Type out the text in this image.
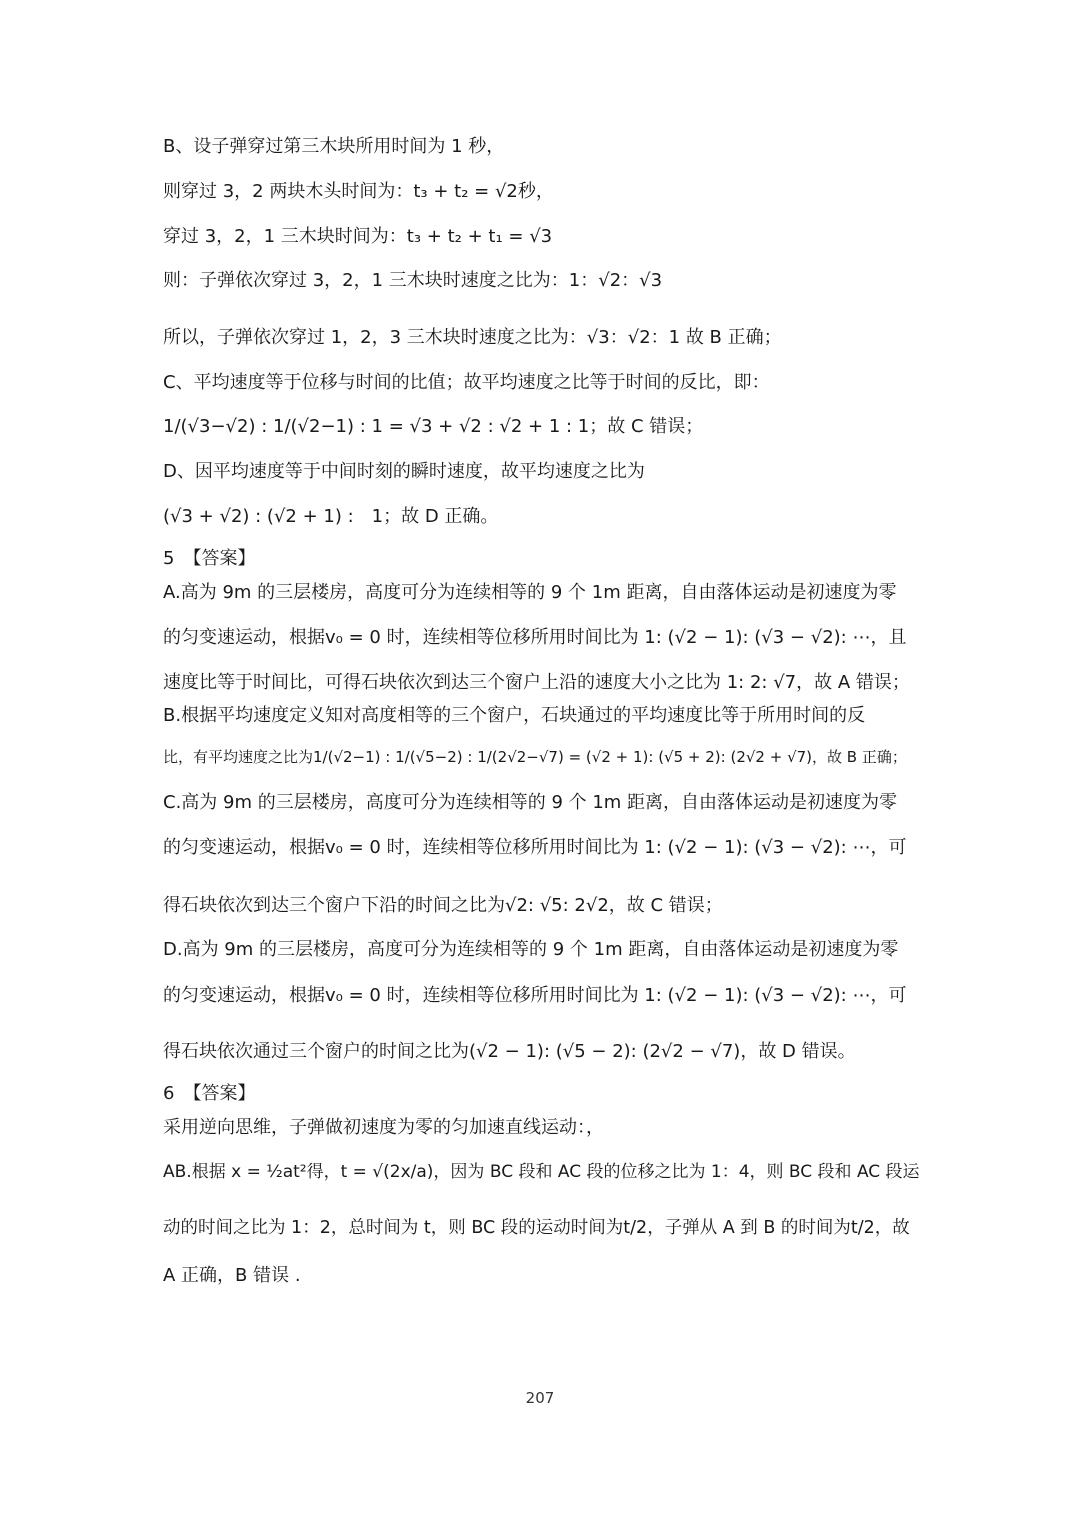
B、设子弹穿过第三木块所用时间为 1 秒，
则穿过 3，2 两块木头时间为：t₃ + t₂ = √2秒，
穿过 3，2，1 三木块时间为：t₃ + t₂ + t₁ = √3
则：子弹依次穿过 3，2，1 三木块时速度之比为：1：√2：√3
所以，子弹依次穿过 1，2，3 三木块时速度之比为：√3：√2：1 故 B 正确；
C、平均速度等于位移与时间的比值；故平均速度之比等于时间的反比，即：
1/(√3−√2) : 1/(√2−1) : 1 = √3 + √2 : √2 + 1 : 1；故 C 错误；
D、因平均速度等于中间时刻的瞬时速度，故平均速度之比为
(√3 + √2) : (√2 + 1) :　1；故 D 正确。
5　【答案】
A.高为 9m 的三层楼房，高度可分为连续相等的 9 个 1m 距离，自由落体运动是初速度为零
的匀变速运动，根据v₀ = 0 时，连续相等位移所用时间比为 1: (√2 − 1): (√3 − √2): ⋯，且
速度比等于时间比，可得石块依次到达三个窗户上沿的速度大小之比为 1: 2: √7，故 A 错误；
B.根据平均速度定义知对高度相等的三个窗户，石块通过的平均速度比等于所用时间的反
比，有平均速度之比为1/(√2−1) : 1/(√5−2) : 1/(2√2−√7) = (√2 + 1): (√5 + 2): (2√2 + √7)，故 B 正确；
C.高为 9m 的三层楼房，高度可分为连续相等的 9 个 1m 距离，自由落体运动是初速度为零
的匀变速运动，根据v₀ = 0 时，连续相等位移所用时间比为 1: (√2 − 1): (√3 − √2): ⋯，可
得石块依次到达三个窗户下沿的时间之比为√2: √5: 2√2，故 C 错误；
D.高为 9m 的三层楼房，高度可分为连续相等的 9 个 1m 距离，自由落体运动是初速度为零
的匀变速运动，根据v₀ = 0 时，连续相等位移所用时间比为 1: (√2 − 1): (√3 − √2): ⋯，可
得石块依次通过三个窗户的时间之比为(√2 − 1): (√5 − 2): (2√2 − √7)，故 D 错误。
6　【答案】
采用逆向思维，子弹做初速度为零的匀加速直线运动：，
AB.根据 x = ½at²得，t = √(2x/a)，因为 BC 段和 AC 段的位移之比为 1：4，则 BC 段和 AC 段运
动的时间之比为 1：2，总时间为 t，则 BC 段的运动时间为t/2，子弹从 A 到 B 的时间为t/2，故
A 正确，B 错误 .
207
